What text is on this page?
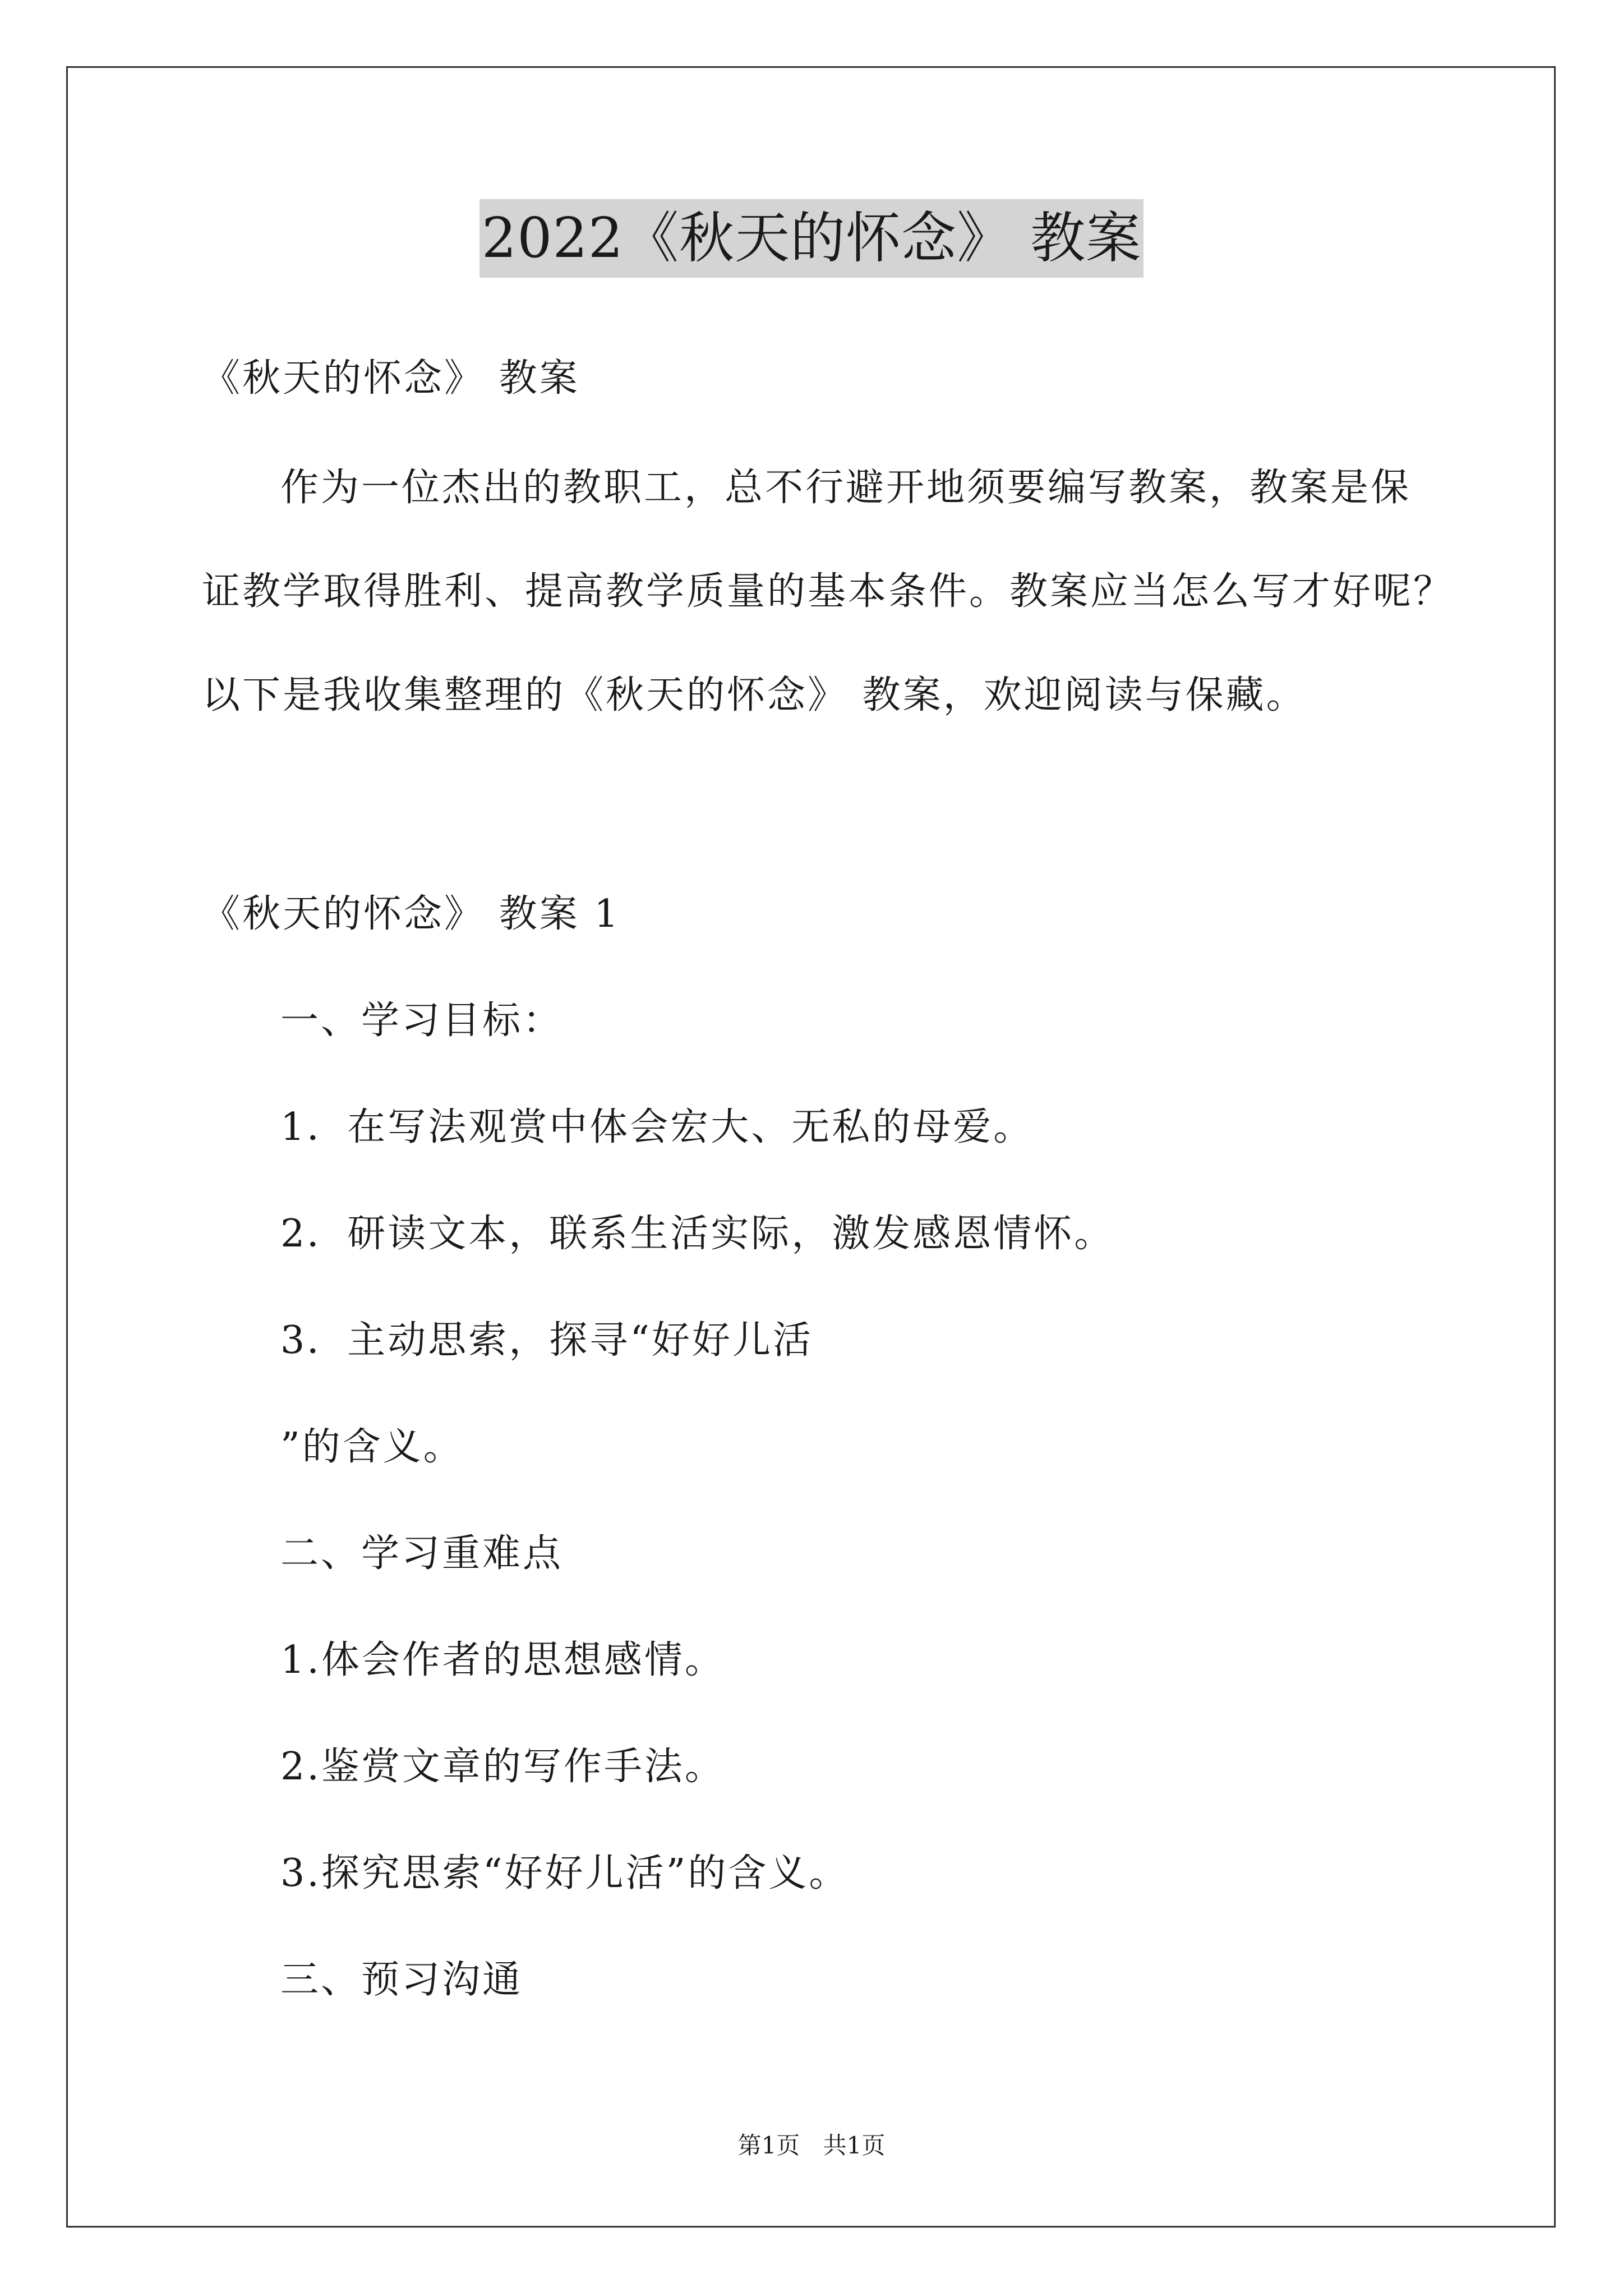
2022《秋天的怀念》 教案
《秋天的怀念》 教案
作为一位杰出的教职工，总不行避开地须要编写教案，教案是保
证教学取得胜利、提高教学质量的基本条件。教案应当怎么写才好呢？
以下是我收集整理的《秋天的怀念》 教案，欢迎阅读与保藏。
《秋天的怀念》 教案 1
一、学习目标：
1．在写法观赏中体会宏大、无私的母爱。
2．研读文本，联系生活实际，激发感恩情怀。
3．主动思索，探寻“好好儿活
”的含义。
二、学习重难点
1.体会作者的思想感情。
2.鉴赏文章的写作手法。
3.探究思索“好好儿活”的含义。
三、预习沟通
第1页 共1页
